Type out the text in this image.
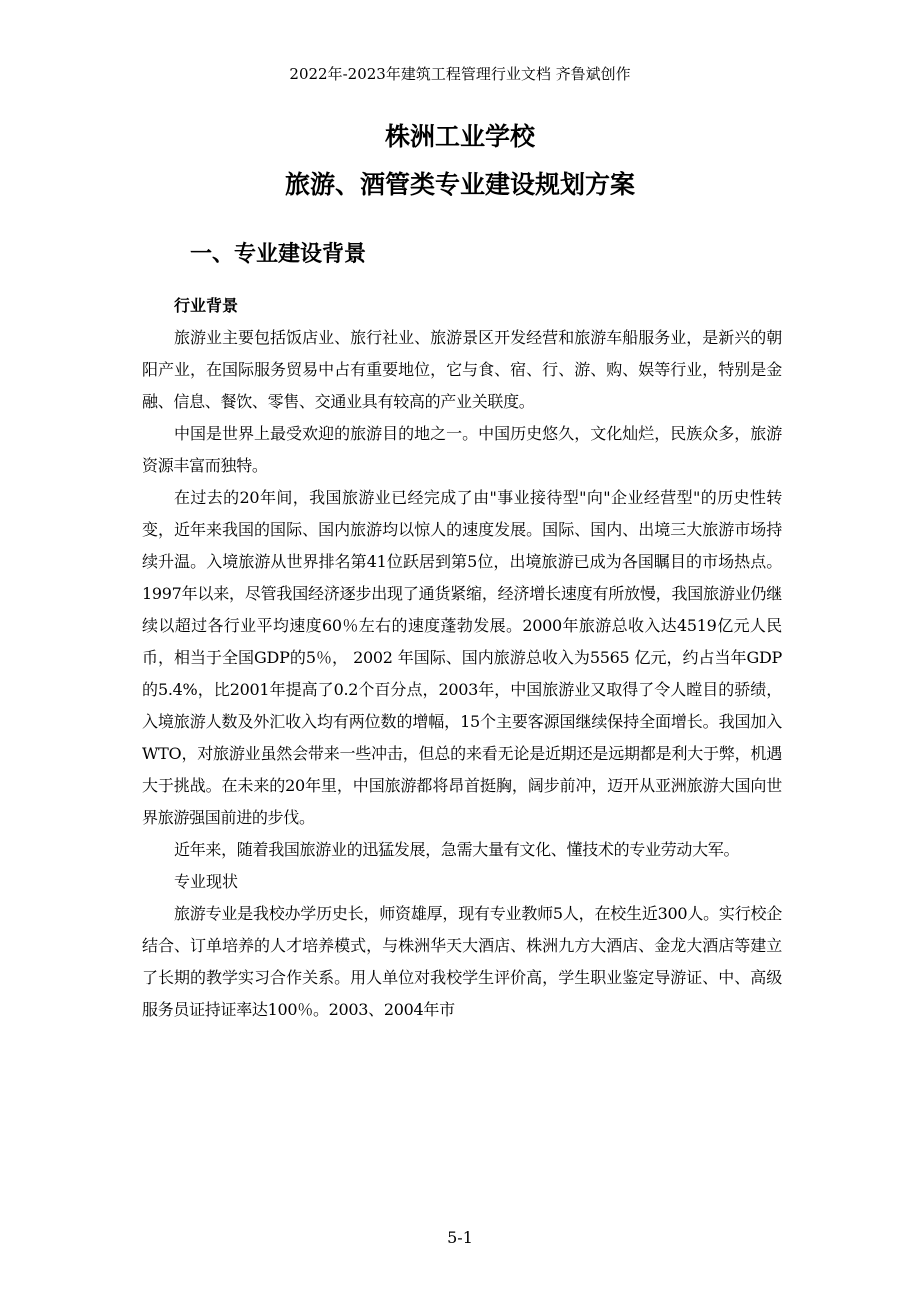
2022年-2023年建筑工程管理行业文档 齐鲁斌创作
株洲工业学校
旅游、酒管类专业建设规划方案
一、专业建设背景

行业背景

旅游业主要包括饭店业、旅行社业、旅游景区开发经营和旅游车船服务业，是新兴的朝阳产业，在国际服务贸易中占有重要地位，它与食、宿、行、游、购、娱等行业，特别是金融、信息、餐饮、零售、交通业具有较高的产业关联度。

中国是世界上最受欢迎的旅游目的地之一。中国历史悠久，文化灿烂，民族众多，旅游资源丰富而独特。

在过去的20年间，我国旅游业已经完成了由"事业接待型"向"企业经营型"的历史性转变，近年来我国的国际、国内旅游均以惊人的速度发展。国际、国内、出境三大旅游市场持续升温。入境旅游从世界排名第41位跃居到第5位，出境旅游已成为各国瞩目的市场热点。 1997年以来，尽管我国经济逐步出现了通货紧缩，经济增长速度有所放慢，我国旅游业仍继续以超过各行业平均速度60％左右的速度蓬勃发展。2000年旅游总收入达4519亿元人民币，相当于全国GDP的5％， 2002 年国际、国内旅游总收入为5565 亿元，约占当年GDP 的5.4%，比2001年提高了0.2个百分点，2003年，中国旅游业又取得了令人瞠目的骄绩，入境旅游人数及外汇收入均有两位数的增幅，15个主要客源国继续保持全面增长。我国加入WTO，对旅游业虽然会带来一些冲击，但总的来看无论是近期还是远期都是利大于弊，机遇大于挑战。在未来的20年里，中国旅游都将昂首挺胸，阔步前冲，迈开从亚洲旅游大国向世界旅游强国前进的步伐。

近年来，随着我国旅游业的迅猛发展，急需大量有文化、懂技术的专业劳动大军。

专业现状

旅游专业是我校办学历史长，师资雄厚，现有专业教师5人，在校生近300人。实行校企结合、订单培养的人才培养模式，与株洲华天大酒店、株洲九方大酒店、金龙大酒店等建立了长期的教学实习合作关系。用人单位对我校学生评价高，学生职业鉴定导游证、中、高级服务员证持证率达100％。2003、2004年市

5-1
